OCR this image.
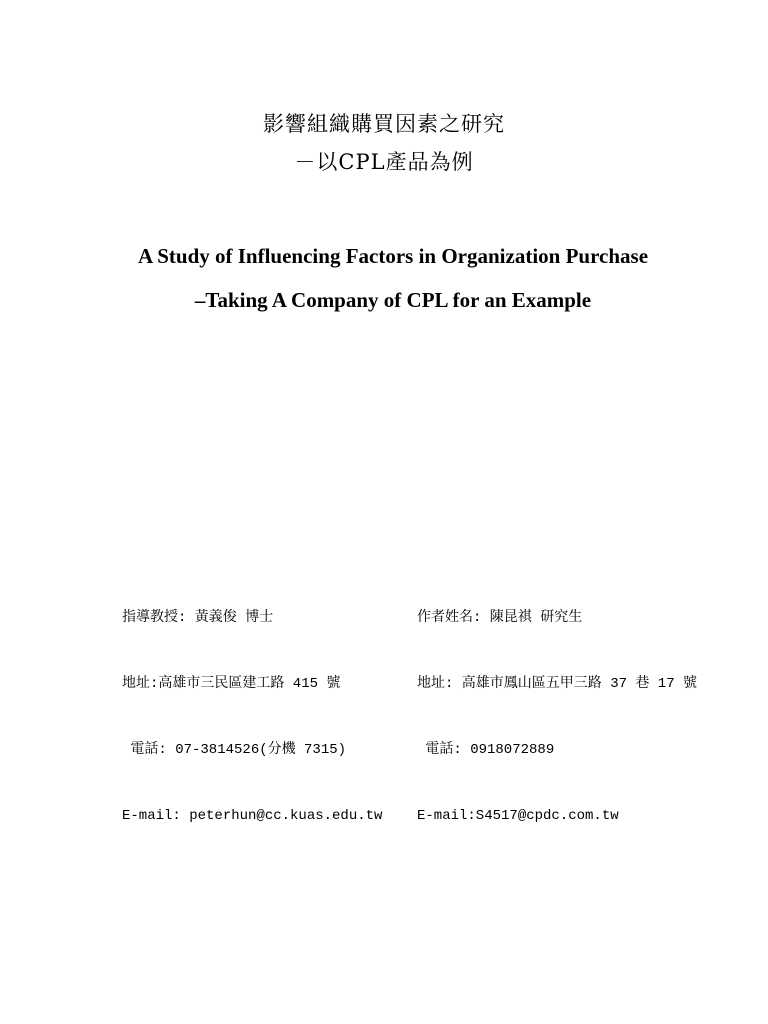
影響組織購買因素之研究
－以CPL產品為例
A Study of Influencing Factors in Organization Purchase
–Taking A Company of CPL for an Example

指導教授: 黃義俊 博士

地址:高雄市三民區建工路 415 號

電話: 07-3814526(分機 7315)

E-mail: peterhun@cc.kuas.edu.tw

作者姓名: 陳昆祺 研究生

地址: 高雄市鳳山區五甲三路 37 巷 17 號

電話: 0918072889

E-mail:S4517@cpdc.com.tw
